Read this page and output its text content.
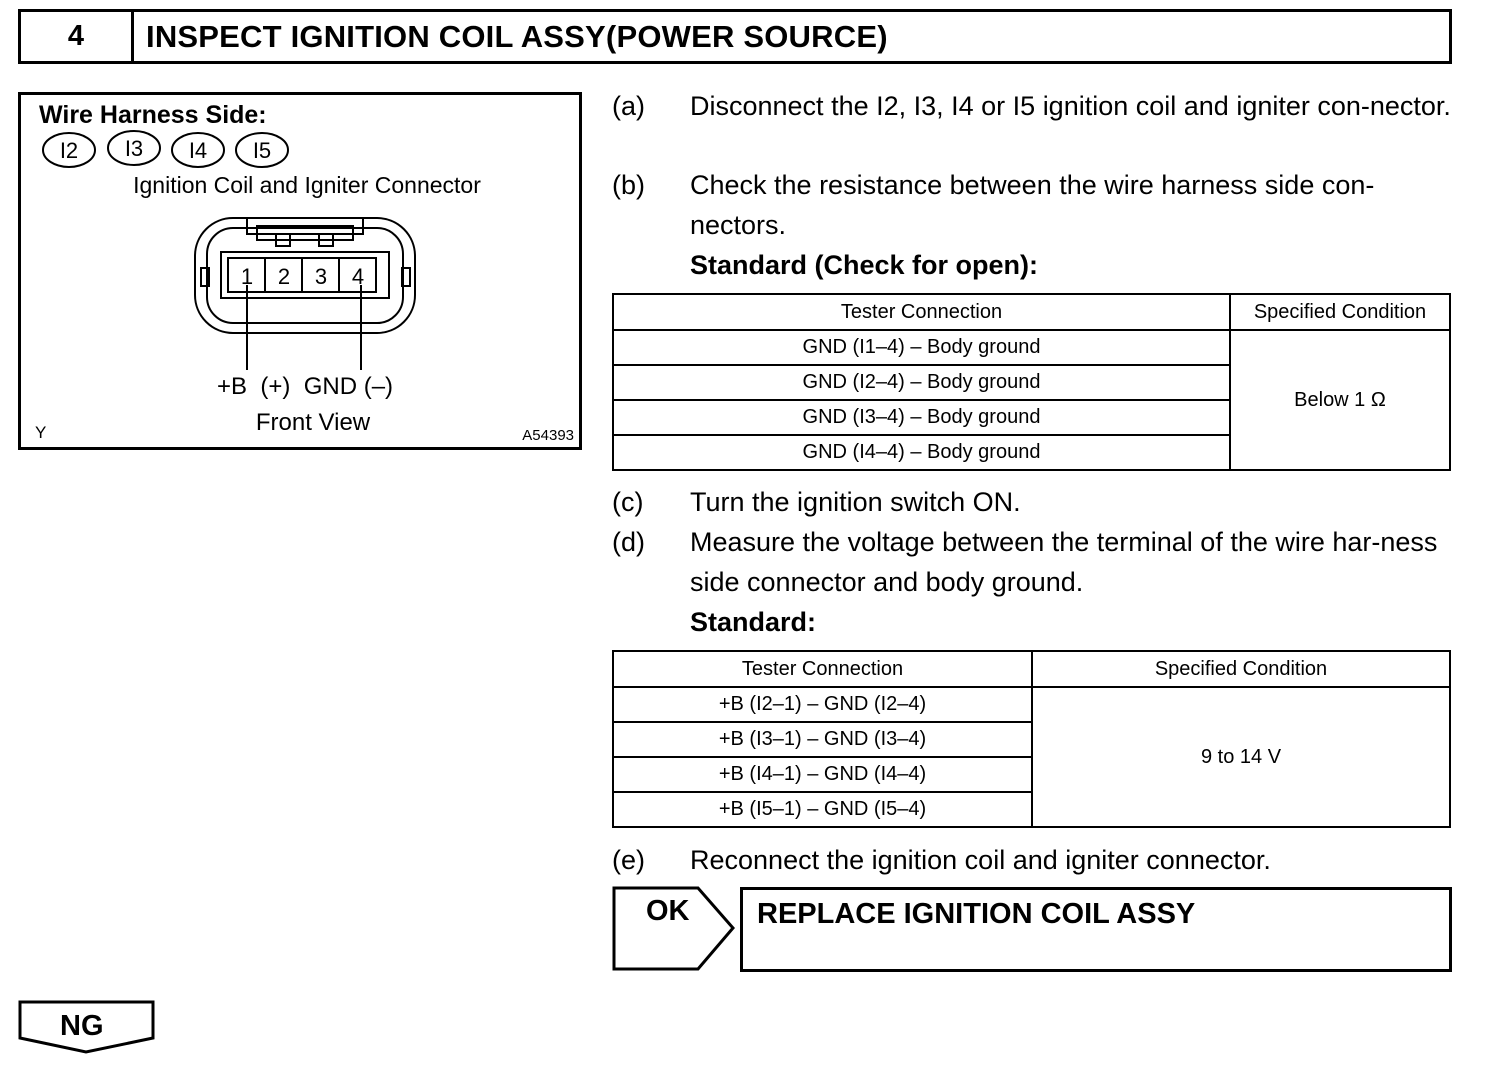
4	INSPECT IGNITION COIL ASSY(POWER SOURCE)
Wire Harness Side:
I2 I3 I4 I5
Ignition Coil and Igniter Connector
1 2 3 4
+B  (+)  GND (–)
Front View
Y	A54393
(a) Disconnect the I2, I3, I4 or I5 ignition coil and igniter con-nector.
(b) Check the resistance between the wire harness side con-nectors.
Standard (Check for open):
Tester Connection	Specified Condition
GND (I1–4) – Body ground	Below 1 Ω
GND (I2–4) – Body ground	
GND (I3–4) – Body ground	
GND (I4–4) – Body ground	
(c) Turn the ignition switch ON.
(d) Measure the voltage between the terminal of the wire har-ness side connector and body ground.
Standard:
Tester Connection	Specified Condition
+B (I2–1) – GND (I2–4)	9 to 14 V
+B (I3–1) – GND (I3–4)	
+B (I4–1) – GND (I4–4)	
+B (I5–1) – GND (I5–4)	
(e) Reconnect the ignition coil and igniter connector.
OK REPLACE IGNITION COIL ASSY
NG
